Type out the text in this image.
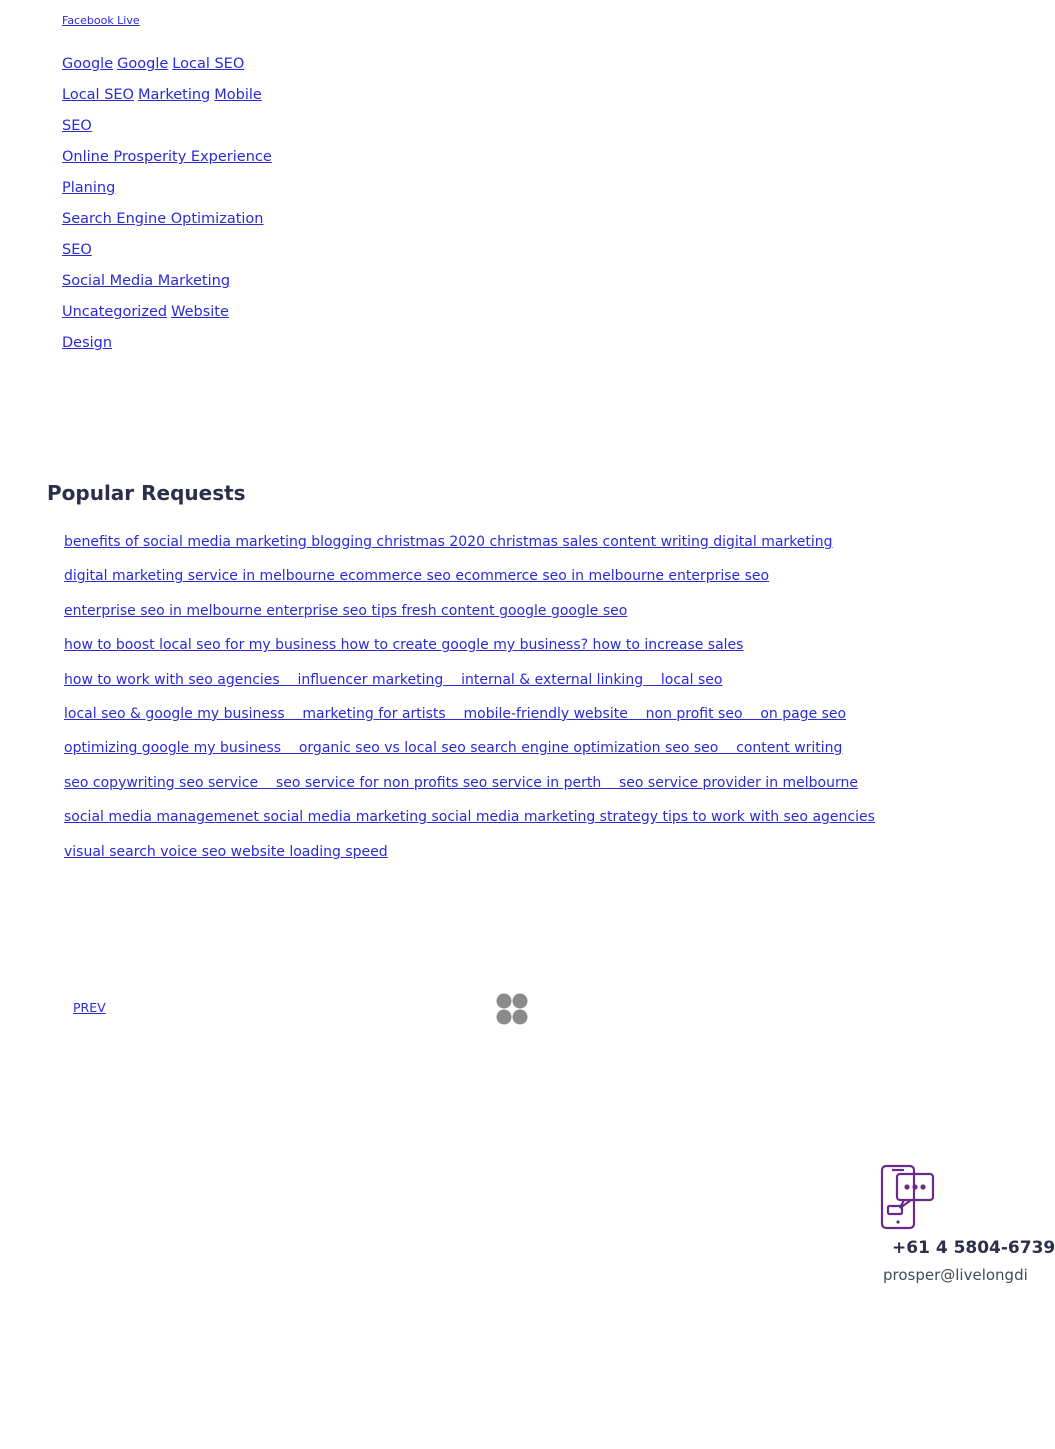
Facebook Live
Google Google Local SEO
Local SEO Marketing Mobile
SEO
Online Prosperity Experience
Planing
Search Engine Optimization
SEO
Social Media Marketing
Uncategorized Website
Design
Popular Requests
benefits of social media marketing blogging christmas 2020 christmas sales content writing digital marketing
digital marketing service in melbourne ecommerce seo ecommerce seo in melbourne enterprise seo
enterprise seo in melbourne enterprise seo tips fresh content google google seo
how to boost local seo for my business how to create google my business? how to increase sales
how to work with seo agencies    influencer marketing    internal & external linking    local seo
local seo & google my business    marketing for artists    mobile-friendly website    non profit seo    on page seo
optimizing google my business    organic seo vs local seo search engine optimization seo seo    content writing
seo copywriting seo service    seo service for non profits seo service in perth    seo service provider in melbourne
social media managemenet social media marketing social media marketing strategy tips to work with seo agencies
visual search voice seo website loading speed
PREV
+61 4 5804-6739
prosper@livelongdi
